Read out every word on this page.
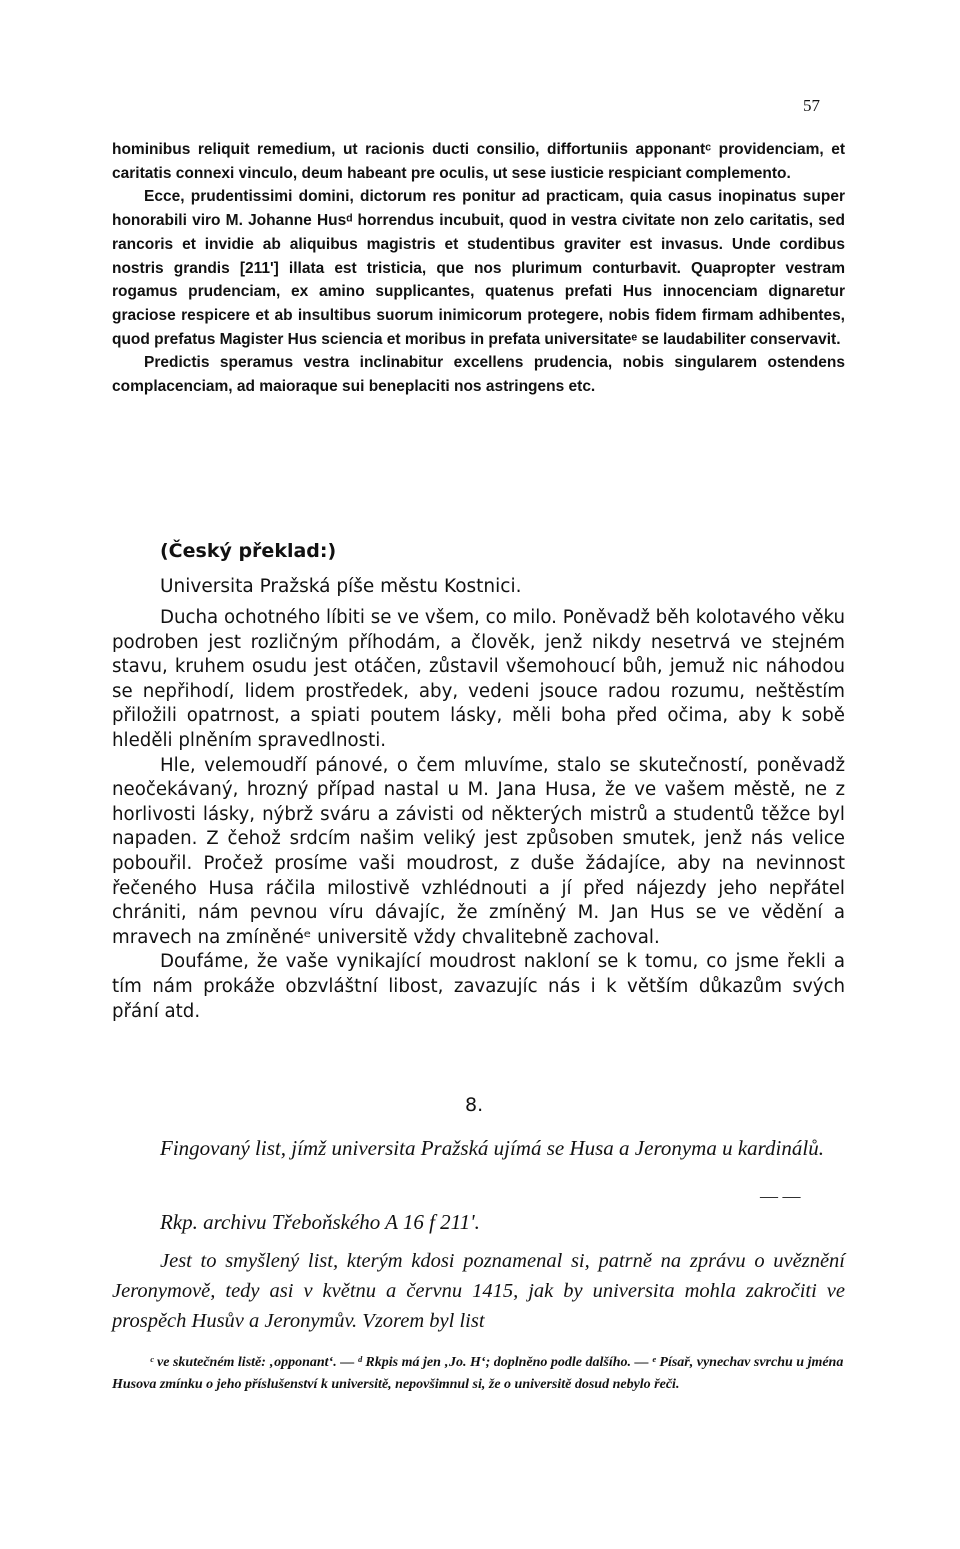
57

hominibus reliquit remedium, ut racionis ducti consilio, diffortuniis apponantᶜ providenciam, et caritatis connexi vinculo, deum habeant pre oculis, ut sese iusticie respiciant complemento.

Ecce, prudentissimi domini, dictorum res ponitur ad practicam, quia casus inopinatus super honorabili viro M. Johanne Husᵈ horrendus incubuit, quod in vestra civitate non zelo caritatis, sed rancoris et invidie ab aliquibus magistris et studentibus graviter est invasus. Unde cordibus nostris grandis [211'] illata est tristicia, que nos plurimum conturbavit. Quapropter vestram rogamus prudenciam, ex amino supplicantes, quatenus prefati Hus innocenciam dignaretur graciose respicere et ab insultibus suorum inimicorum protegere, nobis fidem firmam adhibentes, quod prefatus Magister Hus sciencia et moribus in prefata universitateᵉ se laudabiliter conservavit.

Predictis speramus vestra inclinabitur excellens prudencia, nobis singularem ostendens complacenciam, ad maioraque sui beneplaciti nos astringens etc.

(Český překlad:)
Universita Pražská píše městu Kostnici.

Ducha ochotného líbiti se ve všem, co milo. Poněvadž běh kolotavého věku podroben jest rozličným příhodám, a člověk, jenž nikdy nesetrvá ve stejném stavu, kruhem osudu jest otáčen, zůstavil všemohoucí bůh, jemuž nic náhodou se nepřihodí, lidem prostředek, aby, vedeni jsouce radou rozumu, neštěstím přiložili opatrnost, a spiati poutem lásky, měli boha před očima, aby k sobě hleděli plněním spravedlnosti.

Hle, velemoudří pánové, o čem mluvíme, stalo se skutečností, poněvadž neočekávaný, hrozný případ nastal u M. Jana Husa, že ve vašem městě, ne z horlivosti lásky, nýbrž sváru a závisti od některých mistrů a studentů těžce byl napaden. Z čehož srdcím našim veliký jest způsoben smutek, jenž nás velice pobouřil. Pročež prosíme vaši moudrost, z duše žádajíce, aby na nevinnost řečeného Husa ráčila milostivě vzhlédnouti a jí před nájezdy jeho nepřátel chrániti, nám pevnou víru dávajíc, že zmíněný M. Jan Hus se ve vědění a mravech na zmíněnéᵉ universitě vždy chvalitebně zachoval.

Doufáme, že vaše vynikající moudrost nakloní se k tomu, co jsme řekli a tím nám prokáže obzvláštní libost, zavazujíc nás i k větším důkazům svých přání atd.

8.
Fingovaný list, jímž universita Pražská ujímá se Husa a Jeronyma u kardinálů.
— —
Rkp. archivu Třeboňského A 16 f 211'.
Jest to smyšlený list, kterým kdosi poznamenal si, patrně na zprávu o uvěznění Jeronymově, tedy asi v květnu a červnu 1415, jak by universita mohla zakročiti ve prospěch Husův a Jeronymův. Vzorem byl list

ᶜ ve skutečném listě: ‚opponant‘. — ᵈ Rkpis má jen ‚Jo. H‘; doplněno podle dalšího. — ᵉ Písař, vynechav svrchu u jména Husova zmínku o jeho příslušenství k universitě, nepovšimnul si, že o universitě dosud nebylo řeči.
